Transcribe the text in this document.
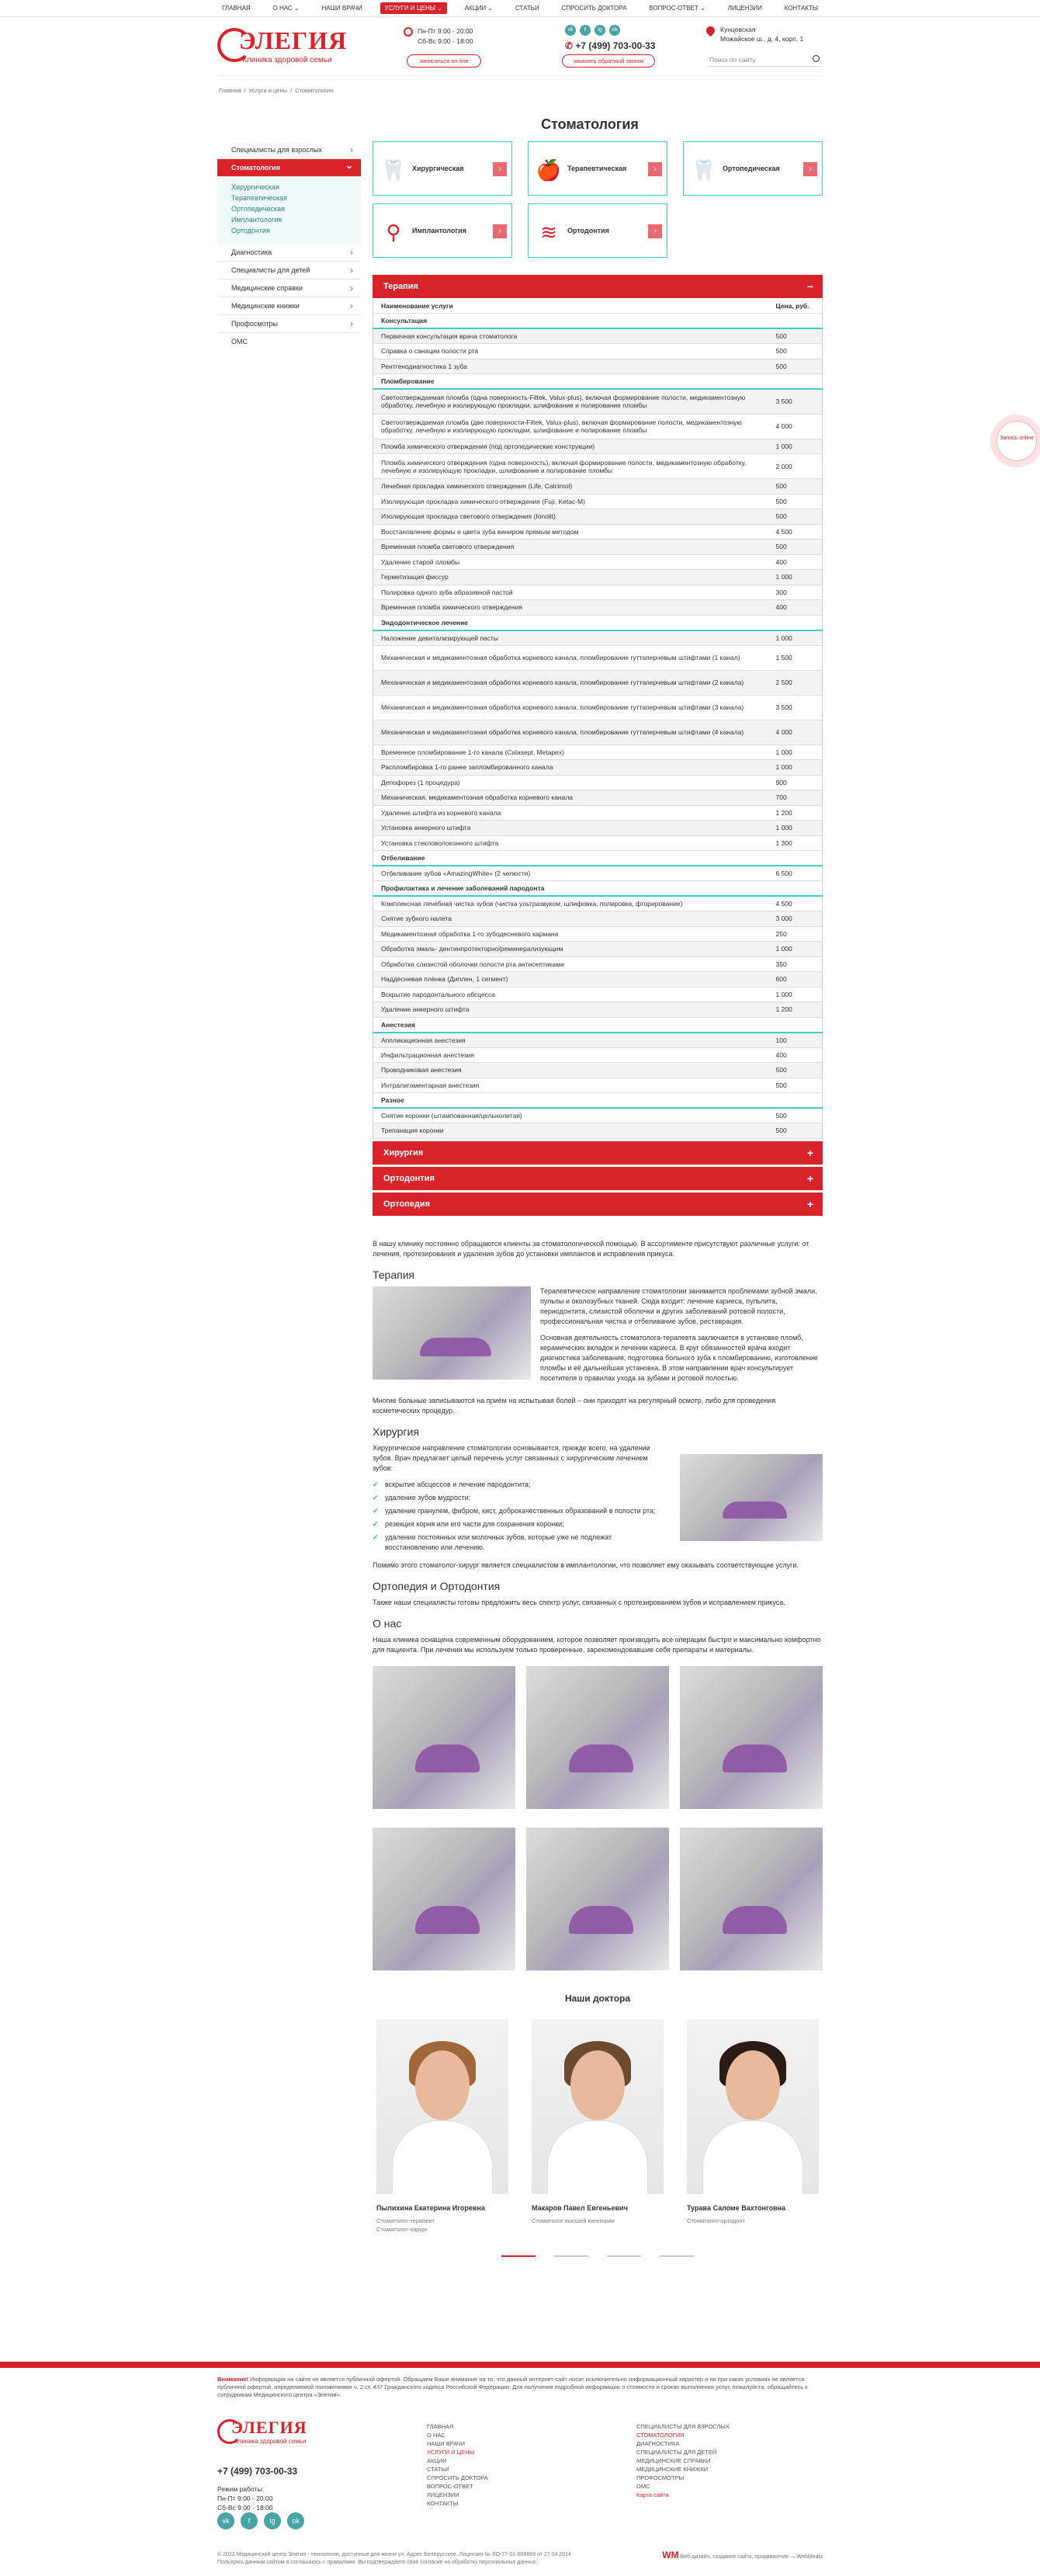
ГЛАВНАЯ	О НАС ⌄	НАШИ ВРАЧИ	УСЛУГИ И ЦЕНЫ ⌄	АКЦИИ ⌄	СТАТЬИ	СПРОСИТЬ ДОКТОРА	ВОПРОС-ОТВЕТ ⌄	ЛИЦЕНЗИИ	КОНТАКТЫ
ЭЛЕГИЯ
Клиника здоровой семьи
Пн-Пт 9:00 - 20:00
Сб-Вс 9:00 - 18:00
записаться on-line
vk	f	ig	ok
✆ +7 (499) 703-00-33
заказать обратный звонок
Кунцевская
Можайское ш., д. 4, корп. 1
Поиск по сайту
Главная / Услуги и цены / Стоматология
Стоматология
Специалисты для взрослых ›
Стоматология ⌄
Хирургическая
Терапевтическая
Ортопедическая
Имплантология
Ортодонтия
Диагностика ›
Специалисты для детей ›
Медицинские справки ›
Медицинские книжки ›
Профосмотры ›
ОМС
🦷 Хирургическая	› 🍎 Терапевтическая	› 🦷 Ортопедическая	›
⚲	Имплантология	› ≋	Ортодонтия	›
Терапия	−
Наименование услуги	Цена, руб.
Консультация	
Первичная консультация врача стоматолога	500
Справка о санации полости рта	500
Рентгенодиагностика 1 зуба	500
Пломбирование	
Светоотверждаемая пломба (одна поверхность-Filtek, Valux-plus), включая формирование полости, медикаментозную обработку, лечебную и изолирующую прокладки, шлифование и полирование пломбы	3 500
Светоотверждаемая пломба (две поверхности-Filtek, Valux-plus), включая формирование полости, медикаментозную обработку, лечебную и изолирующую прокладки, шлифование и полирование пломбы	4 000
Пломба химического отверждения (под ортопедические конструкции)	1 000
Пломба химического отверждения (одна поверхность), включая формирование полости, медикаментозную обработку, лечебную и изолирующую прокладки, шлифование и полирование пломбы	2 000
Лечебная прокладка химического отверждения (Life, Calcimol)	500
Изолирующая прокладка химического отверждения (Fuji, Ketac-M)	500
Изолирующая прокладка светового отверждения (Ionolit)	500
Восстановление формы и цвета зуба виниром прямым методом	4 500
Временная пломба светового отверждения	500
Удаление старой пломбы	400
Герметизация фиссур	1 000
Полировка одного зуба абразивной пастой	300
Временная пломба химического отверждения	400
Эндодонтическое лечение	
Наложение девитализирующей пасты	1 000
Механическая и медикаментозная обработка корневого канала, пломбирование гуттаперчевым штифтами (1 канал)	1 500
Механическая и медикаментозная обработка корневого канала, пломбирование гуттаперчевым штифтами (2 канала)	2 500
Механическая и медикаментозная обработка корневого канала, пломбирование гуттаперчевым штифтами (3 канала)	3 500
Механическая и медикаментозная обработка корневого канала, пломбирование гуттаперчевым штифтами (4 канала)	4 000
Временное пломбирование 1-го канала (Calasept, Metapex)	1 000
Распломбировка 1-го ранее запломбированного канала	1 000
Депофорез (1 процедура)	900
Механическая, медикаментозная обработка корневого канала	700
Удаление штифта из корневого канала	1 200
Установка анкерного штифта	1 000
Установка стекловолоконного штифта	1 300
Отбеливание	
Отбеливание зубов «AmazingWhite» (2 челюсти)	6 500
Профилактика и лечение заболеваний пародонта	
Комплексная лечебная чистка зубов (чистка ультразвуком, шлифовка, полировка, фторирование)	4 500
Снятие зубного налета	3 000
Медикаментозная обработка 1-го зубодесневого кармана	250
Обработка эмаль- дентинпротекторно/реминерализующим	1 000
Обработка слизистой оболочки полости рта антисептиками	350
Наддесневая плёнка (Диплен, 1 сегмент)	600
Вскрытие пародонтального абсцесса	1 000
Удаление анкерного штифта	1 200
Анестезия	
Аппликационная анестезия	100
Инфильтрационная анестезия	400
Проводниковая анестезия	500
Интралигаментарная анестезия	500
Разное	
Снятие коронки (штампованная/цельнолитая)	500
Трепанация коронки	500
Хирургия	+
Ортодонтия	+
Ортопедия	+

В нашу клинику постоянно обращаются клиенты за стоматологической помощью. В ассортименте присутствуют различные услуги: от лечения, протезирования и удаления зубов до установки имплантов и исправления прикуса.

Терапия

Терапевтическое направление стоматологии занимается проблемами зубной эмали, пульпы и околозубных тканей. Сюда входит: лечение кариеса, пульпита, периодонтита, слизистой оболочки и других заболеваний ротовой полости, профессиональная чистка и отбеливание зубов, реставрация.

Основная деятельность стоматолога-терапевта заключается в установке пломб, керамических вкладок и лечении кариеса. В круг обязанностей врача входит диагностика заболевания, подготовка больного зуба к пломбированию, изготовление пломбы и её дальнейшая установка. В этом направлении врач консультирует посетителя о правилах ухода за зубами и ротовой полостью.

Многие больные записываются на приём на испытывая болей – они приходят на регулярный осмотр, либо для проведения косметических процедур.

Хирургия

Хирургическое направление стоматологии основывается, прежде всего, на удалении зубов. Врач предлагает целый перечень услуг связанных с хирургическим лечением зубов:

✓ вскрытие абсцессов и лечение пародонтита;
✓ удаление зубов мудрости;
✓ удаление гранулем, фибром, кист, доброкачественных образований в полости рта;
✓ резекция корня или его части для сохранения коронки;
✓ удаление постоянных или молочных зубов, которые уже не подлежат восстановлению или лечению.

Помимо этого стоматолог-хирург является специалистом в имплантологии, что позволяет ему оказывать соответствующие услуги.

Ортопедия и Ортодонтия

Также наши специалисты готовы предложить весь спектр услуг, связанных с протезированием зубов и исправлением прикуса.

О нас

Наша клиника оснащена современным оборудованием, которое позволяет производить все операции быстро и максимально комфортно для пациента. При лечении мы используем только проверенные, зарекомендовавшие себя препараты и материалы.

Наши доктора
Пылихина Екатерина Игоревна
Стоматолог-терапевт
Стоматолог-хирург
Макаров Павел Евгеньевич
Стоматолог высшей категории
Турава Саломе Вахтонговна
Стоматолог-ортодонт
Запись online
Внимание! Информация на сайте не является публичной офертой. Обращаем Ваше внимание на то, что данный интернет-сайт носит исключительно информационный характер и ни при каких условиях не является публичной офертой, определяемой положениями ч. 2 ст. 437 Гражданского кодекса Российской Федерации. Для получения подробной информации о стоимости и сроках выполнения услуг, пожалуйста, обращайтесь к сотрудникам Медицинского центра «Элегия».
ЭЛЕГИЯ
Клиника здоровой семьи
+7 (499) 703-00-33
Режим работы:
Пн-Пт 9:00 - 20:00
Сб-Вс 9:00 - 18:00
vk	f	ig	ok
ГЛАВНАЯ
О НАС
НАШИ ВРАЧИ
УСЛУГИ И ЦЕНЫ
АКЦИИ
СТАТЬИ
СПРОСИТЬ ДОКТОРА
ВОПРОС-ОТВЕТ
ЛИЦЕНЗИИ
КОНТАКТЫ
СПЕЦИАЛИСТЫ ДЛЯ ВЗРОСЛЫХ
СТОМАТОЛОГИЯ
ДИАГНОСТИКА
СПЕЦИАЛИСТЫ ДЛЯ ДЕТЕЙ
МЕДИЦИНСКИЕ СПРАВКИ
МЕДИЦИНСКИЕ КНИЖКИ
ПРОФОСМОТРЫ
ОМС
Карта сайта
© 2022 Медицинский центр Элегия - технологии, доступные для жизни ул. Адрес Белорусское. Лицензия № ЛО-77-01-009869 от 27.04.2014
Пользуясь данным сайтом я соглашаюсь с правилами. Вы подтверждаете своё согласие на обработку персональных данных.
WM Веб-дизайн, создание сайта, продвижение — WebMedia
